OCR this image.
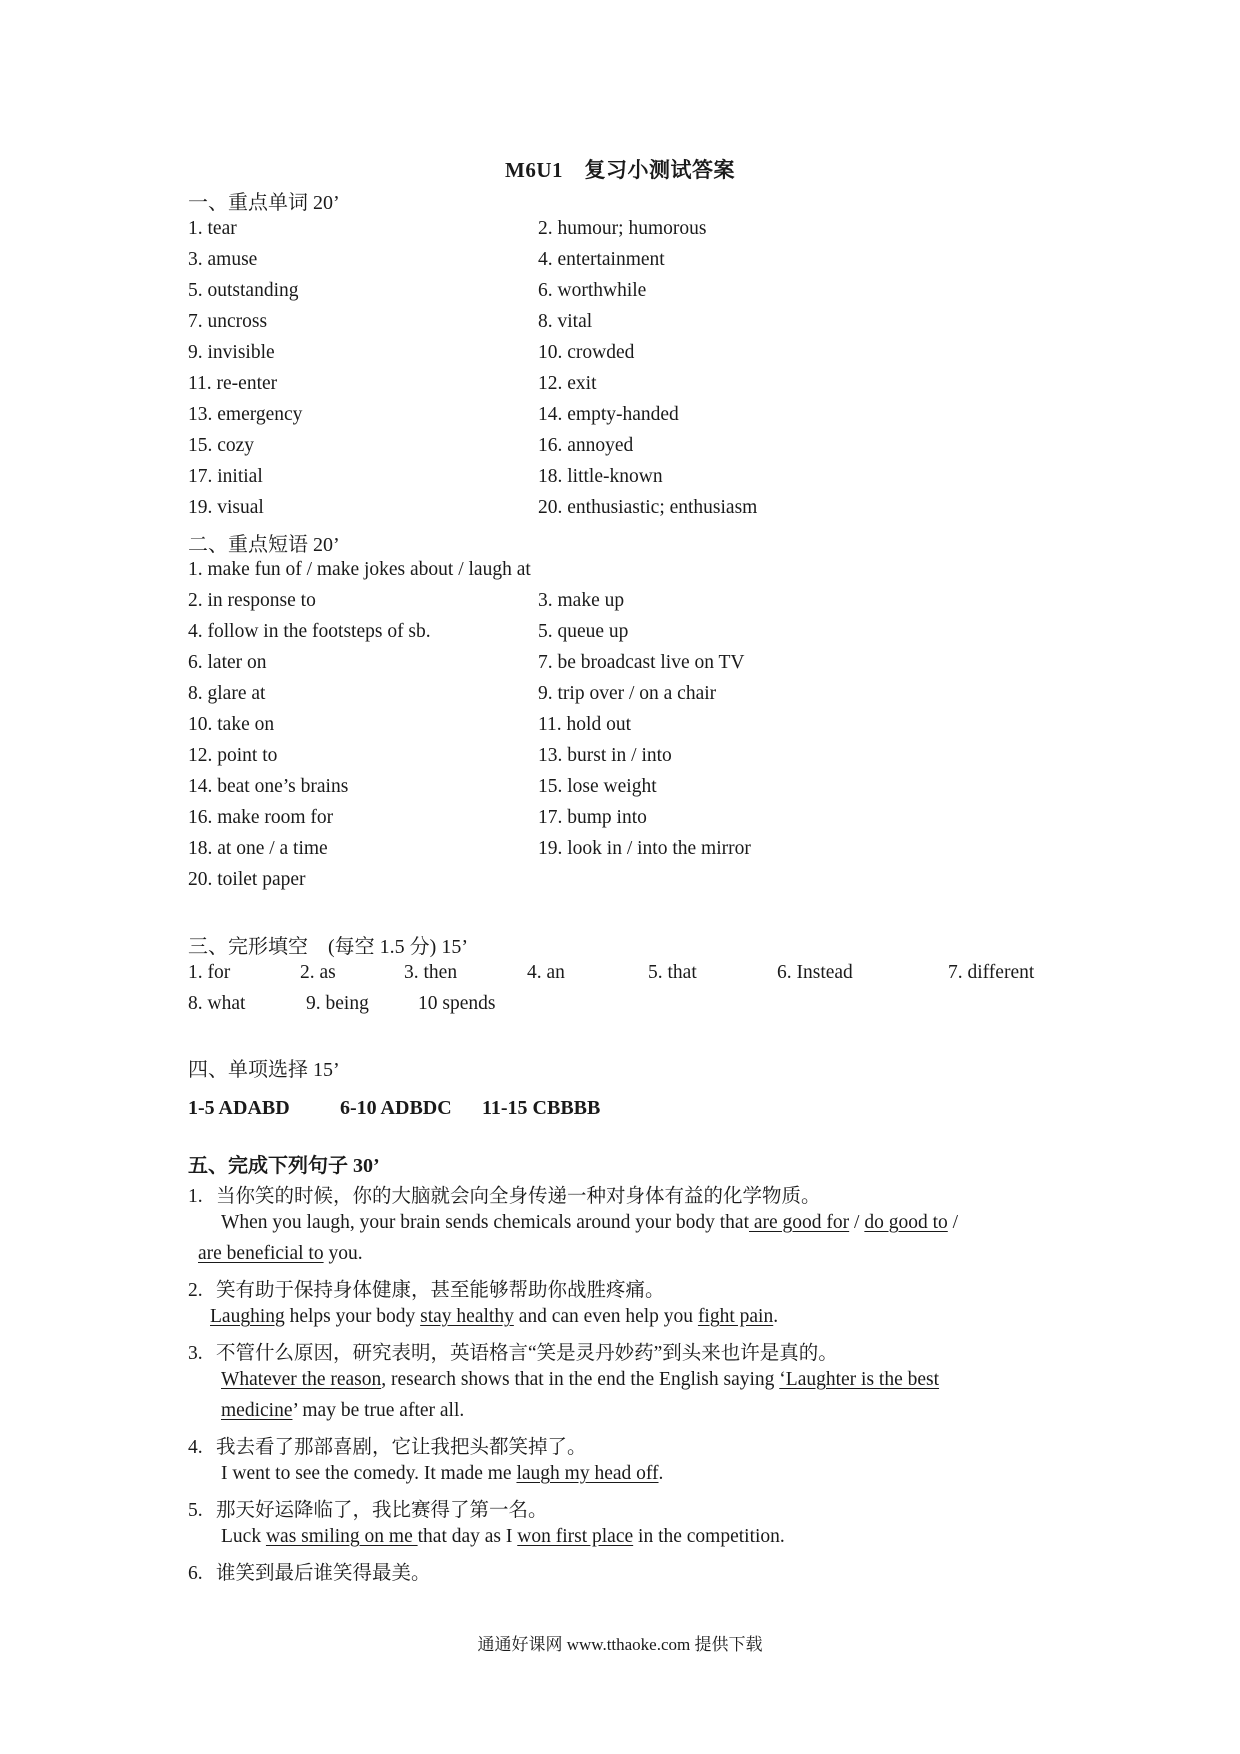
M6U1　复习小测试答案
一、重点单词 20’
1. tear	2. humour; humorous
3. amuse	4. entertainment
5. outstanding	6. worthwhile
7. uncross	8. vital
9. invisible	10. crowded
11. re-enter	12. exit
13. emergency	14. empty-handed
15. cozy	16. annoyed
17. initial	18. little-known
19. visual	20. enthusiastic; enthusiasm
二、重点短语 20’
1. make fun of / make jokes about / laugh at
2. in response to	3. make up
4. follow in the footsteps of sb.	5. queue up
6. later on	7. be broadcast live on TV
8. glare at	9. trip over / on a chair
10. take on	11. hold out
12. point to	13. burst in / into
14. beat one’s brains	15. lose weight
16. make room for	17. bump into
18. at one / a time	19. look in / into the mirror
20. toilet paper
三、完形填空　(每空 1.5 分) 15’
1. for	2. as	3. then	4. an	5. that	6. Instead	7. different
8. what	9. being	10 spends
四、单项选择 15’
1-5 ADABD	6-10 ADBDC 11-15 CBBBB
五、完成下列句子 30’
1. 当你笑的时候，你的大脑就会向全身传递一种对身体有益的化学物质。
When you laugh, your brain sends chemicals around your body that are good for / do good to /
are beneficial to you.
2. 笑有助于保持身体健康，甚至能够帮助你战胜疼痛。
Laughing helps your body stay healthy and can even help you fight pain.
3. 不管什么原因，研究表明，英语格言“笑是灵丹妙药”到头来也许是真的。
Whatever the reason, research shows that in the end the English saying ‘Laughter is the best
medicine’ may be true after all.
4. 我去看了那部喜剧，它让我把头都笑掉了。
I went to see the comedy. It made me laugh my head off.
5. 那天好运降临了，我比赛得了第一名。
Luck was smiling on me that day as I won first place in the competition.
6. 谁笑到最后谁笑得最美。
通通好课网 www.tthaoke.com 提供下载
